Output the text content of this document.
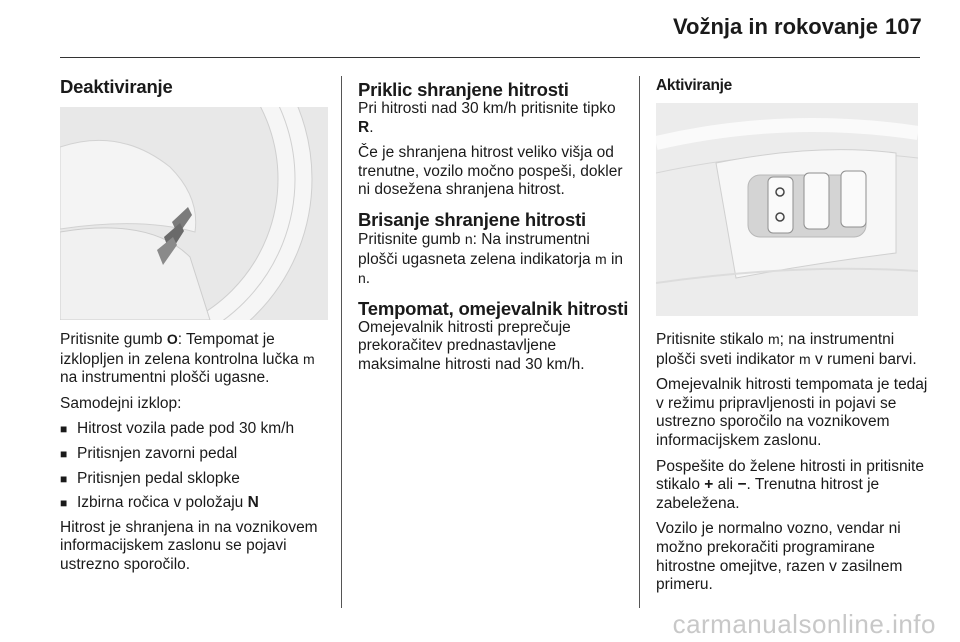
Vožnja in rokovanje 107
Deaktiviranje

Pritisnite gumb O: Tempomat je izklopljen in zelena kontrolna lučka m na instrumentni plošči ugasne.

Samodejni izklop:

■ Hitrost vozila pade pod 30 km/h
■ Pritisnjen zavorni pedal
■ Pritisnjen pedal sklopke
■ Izbirna ročica v položaju N

Hitrost je shranjena in na voznikovem informacijskem zaslonu se pojavi ustrezno sporočilo.

Priklic shranjene hitrosti

Pri hitrosti nad 30 km/h pritisnite tipko R.

Če je shranjena hitrost veliko višja od trenutne, vozilo močno pospeši, dokler ni dosežena shranjena hitrost.

Brisanje shranjene hitrosti

Pritisnite gumb n: Na instrumentni plošči ugasneta zelena indikatorja m in n.

Tempomat, omejevalnik hitrosti

Omejevalnik hitrosti preprečuje prekoračitev prednastavljene maksimalne hitrosti nad 30 km/h.

Aktiviranje

Pritisnite stikalo m; na instrumentni plošči sveti indikator m v rumeni barvi.

Omejevalnik hitrosti tempomata je tedaj v režimu pripravljenosti in pojavi se ustrezno sporočilo na voznikovem informacijskem zaslonu.

Pospešite do želene hitrosti in pritisnite stikalo + ali −. Trenutna hitrost je zabeležena.

Vozilo je normalno vozno, vendar ni možno prekoračiti programirane hitrostne omejitve, razen v zasilnem primeru.

carmanualsonline.info
